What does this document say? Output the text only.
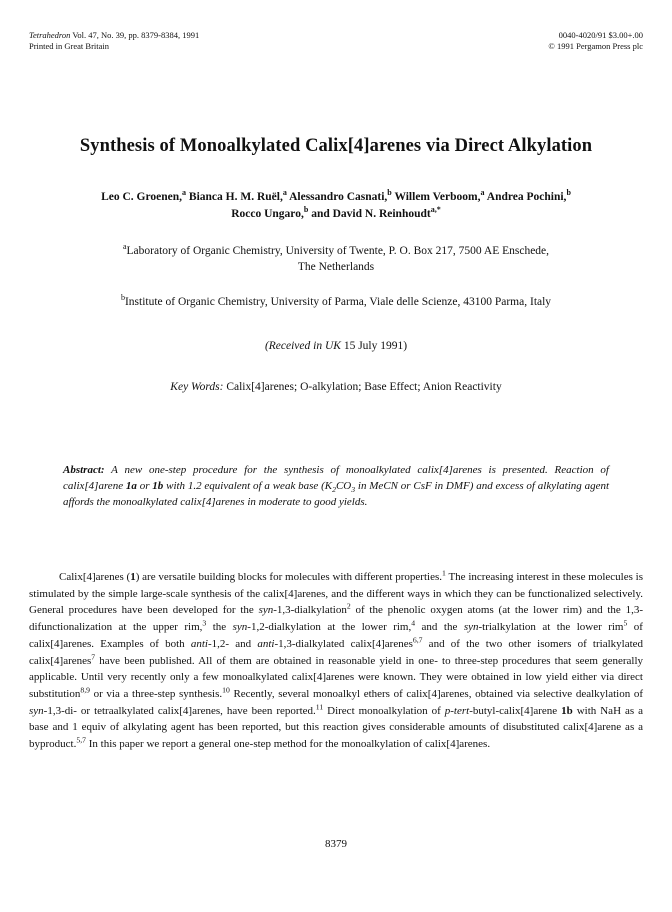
Tetrahedron Vol. 47, No. 39, pp. 8379-8384, 1991
Printed in Great Britain
0040-4020/91 $3.00+.00
© 1991 Pergamon Press plc
Synthesis of Monoalkylated Calix[4]arenes via Direct Alkylation
Leo C. Groenen,$^a$ Bianca H. M. Ruël,$^a$ Alessandro Casnati,$^b$ Willem Verboom,$^a$ Andrea Pochini,$^b$
Rocco Ungaro,$^b$ and David N. Reinhoudt$^{a,*}$
$^a$Laboratory of Organic Chemistry, University of Twente, P. O. Box 217, 7500 AE Enschede,
The Netherlands
$^b$Institute of Organic Chemistry, University of Parma, Viale delle Scienze, 43100 Parma, Italy
(Received in UK 15 July 1991)
Key Words: Calix[4]arenes; O-alkylation; Base Effect; Anion Reactivity
Abstract: A new one-step procedure for the synthesis of monoalkylated calix[4]arenes is presented. Reaction of calix[4]arene 1a or 1b with 1.2 equivalent of a weak base ($K_2CO_3$ in MeCN or CsF in DMF) and excess of alkylating agent affords the monoalkylated calix[4]arenes in moderate to good yields.

Calix[4]arenes (1) are versatile building blocks for molecules with different properties.$^1$ The increasing interest in these molecules is stimulated by the simple large-scale synthesis of the calix[4]arenes, and the different ways in which they can be functionalized selectively. General procedures have been developed for the syn-1,3-dialkylation$^2$ of the phenolic oxygen atoms (at the lower rim) and the 1,3-difunctionalization at the upper rim,$^3$ the syn-1,2-dialkylation at the lower rim,$^4$ and the syn-trialkylation at the lower rim$^5$ of calix[4]arenes. Examples of both anti-1,2- and anti-1,3-dialkylated calix[4]arenes$^{6,7}$ and of the two other isomers of trialkylated calix[4]arenes$^7$ have been published. All of them are obtained in reasonable yield in one- to three-step procedures that seem generally applicable. Until very recently only a few monoalkylated calix[4]arenes were known. They were obtained in low yield either via direct substitution$^{8,9}$ or via a three-step synthesis.$^{10}$ Recently, several monoalkyl ethers of calix[4]arenes, obtained via selective dealkylation of syn-1,3-di- or tetraalkylated calix[4]arenes, have been reported.$^{11}$ Direct monoalkylation of p-tert-butyl-calix[4]arene 1b with NaH as a base and 1 equiv of alkylating agent has been reported, but this reaction gives considerable amounts of disubstituted calix[4]arene as a byproduct.$^{5,7}$ In this paper we report a general one-step method for the monoalkylation of calix[4]arenes.

8379
